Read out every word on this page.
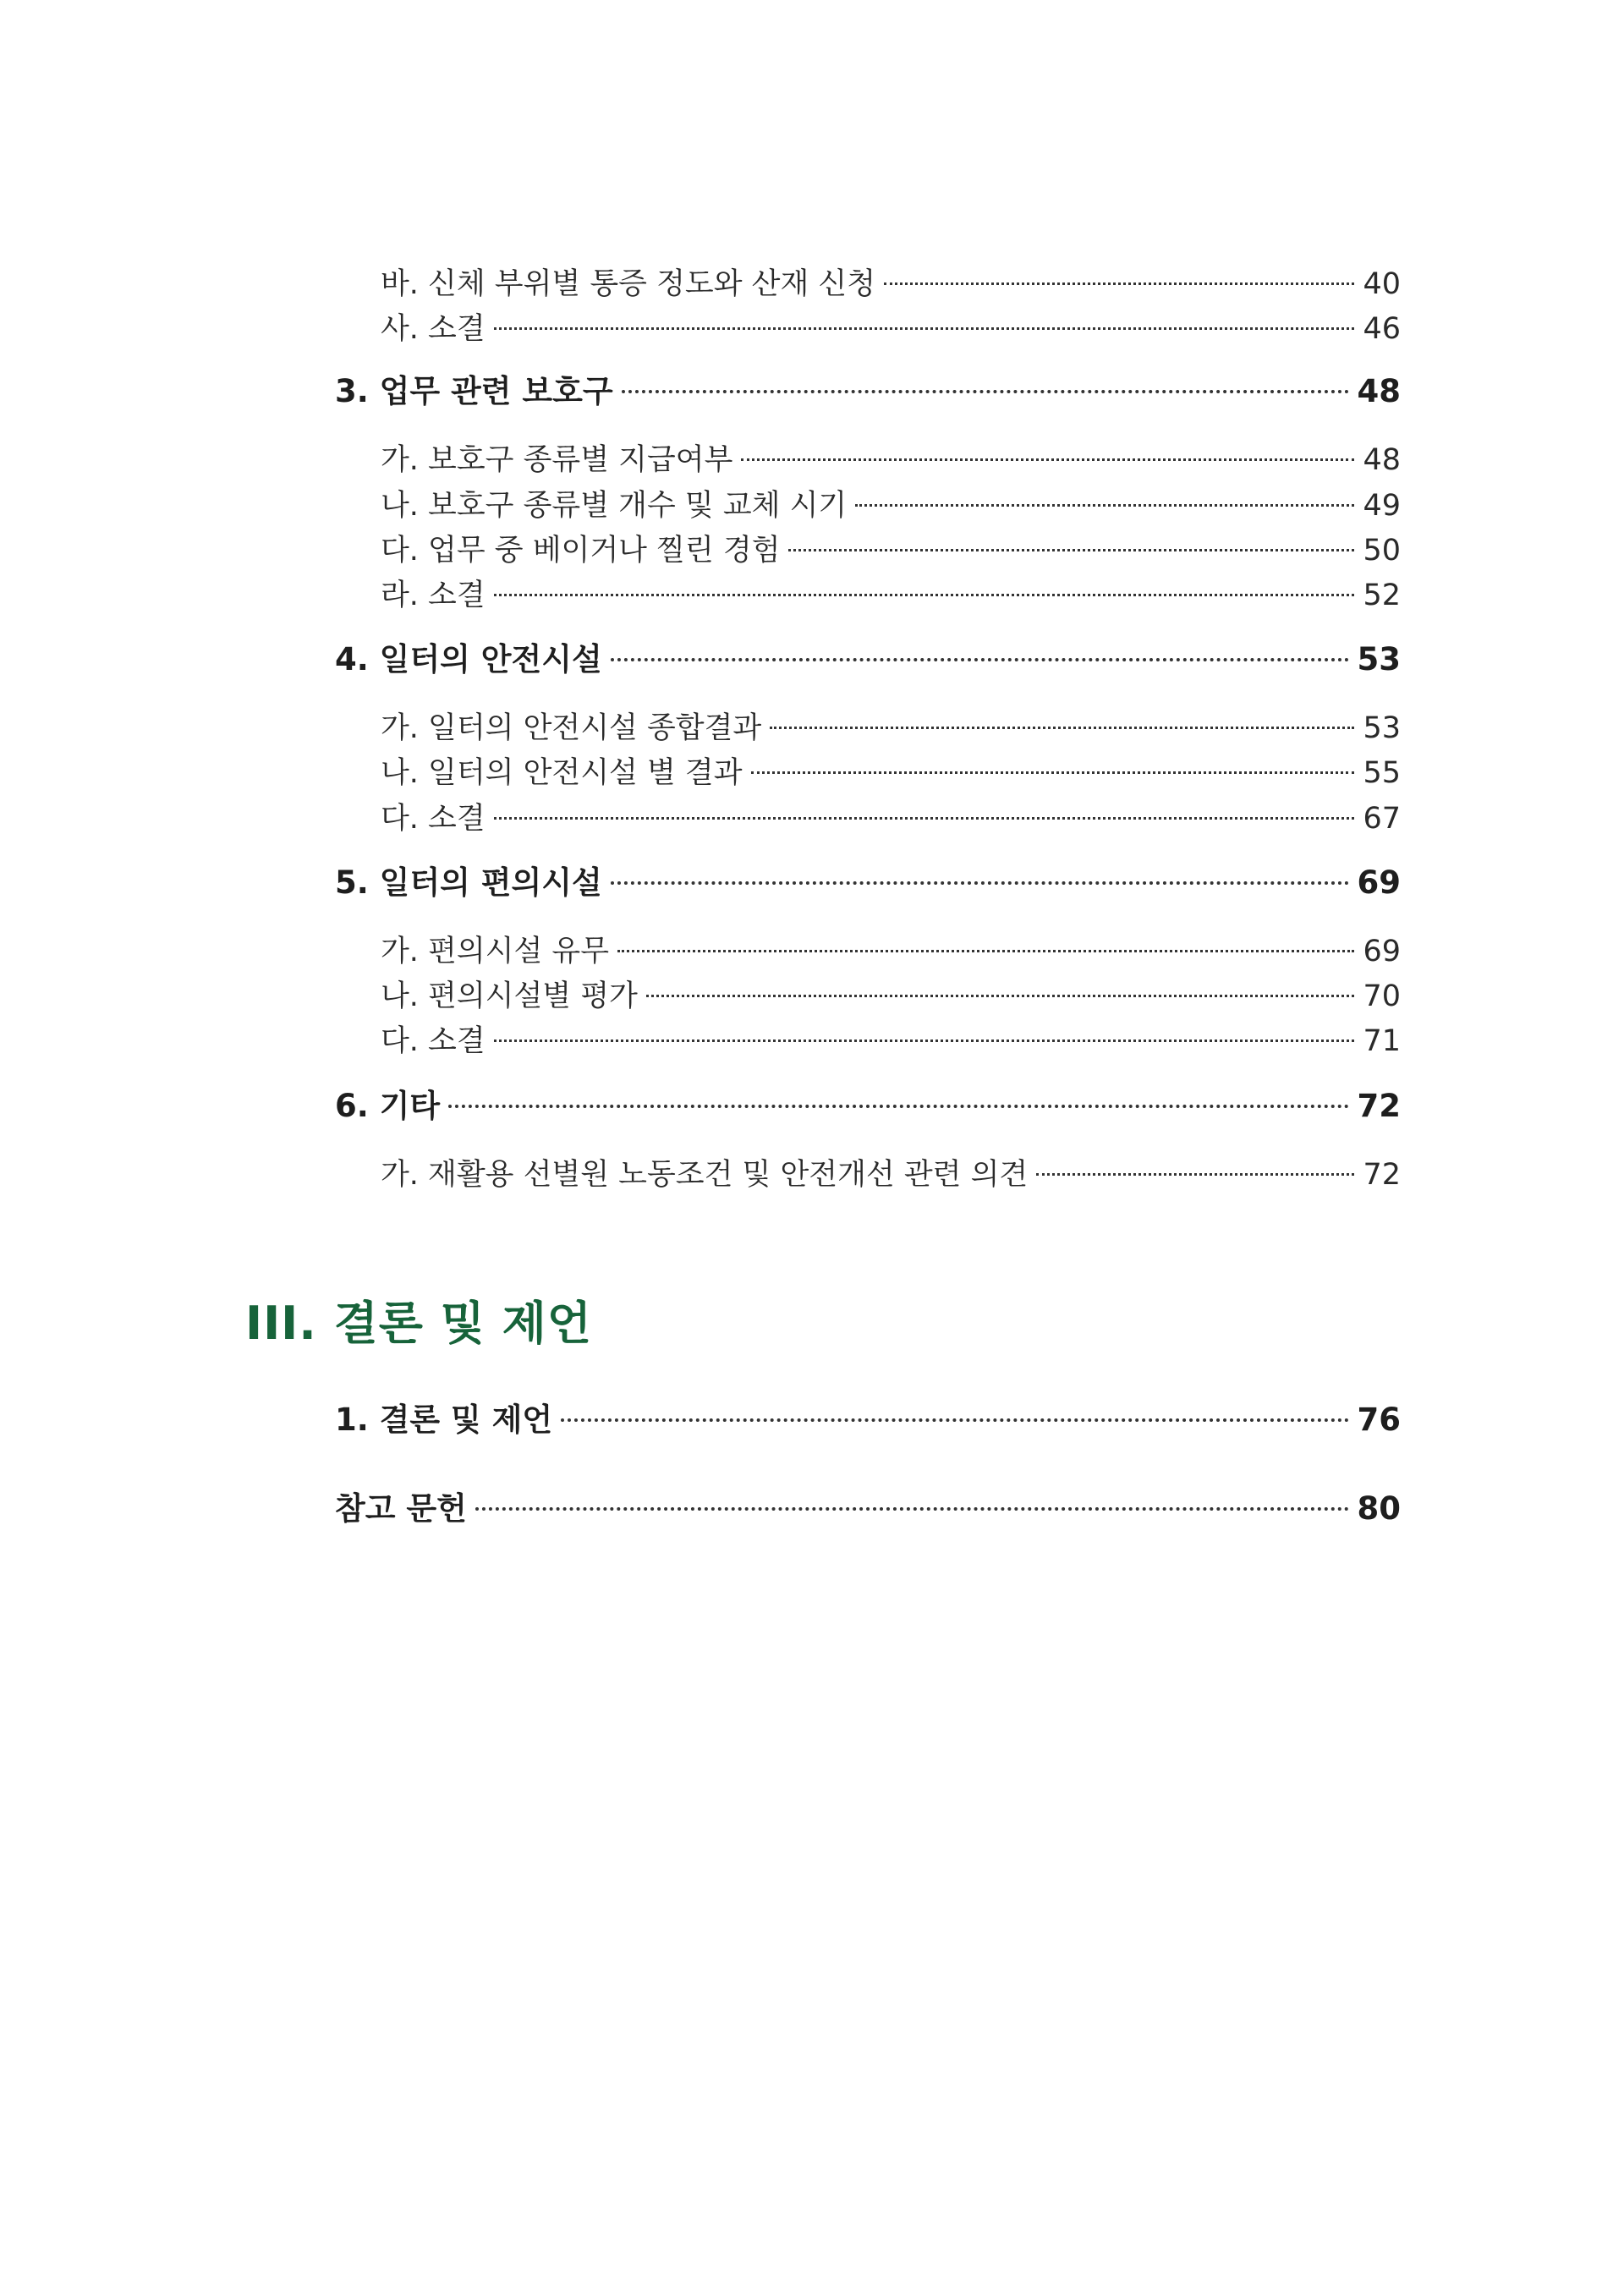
바. 신체 부위별 통증 정도와 산재 신청	40
사. 소결	46
3. 업무 관련 보호구	48
가. 보호구 종류별 지급여부	48
나. 보호구 종류별 개수 및 교체 시기	49
다. 업무 중 베이거나 찔린 경험	50
라. 소결	52
4. 일터의 안전시설	53
가. 일터의 안전시설 종합결과	53
나. 일터의 안전시설 별 결과	55
다. 소결	67
5. 일터의 편의시설	69
가. 편의시설 유무	69
나. 편의시설별 평가	70
다. 소결	71
6. 기타	72
가. 재활용 선별원 노동조건 및 안전개선 관련 의견	72
III. 결론 및 제언
1. 결론 및 제언	76
참고 문헌	80
